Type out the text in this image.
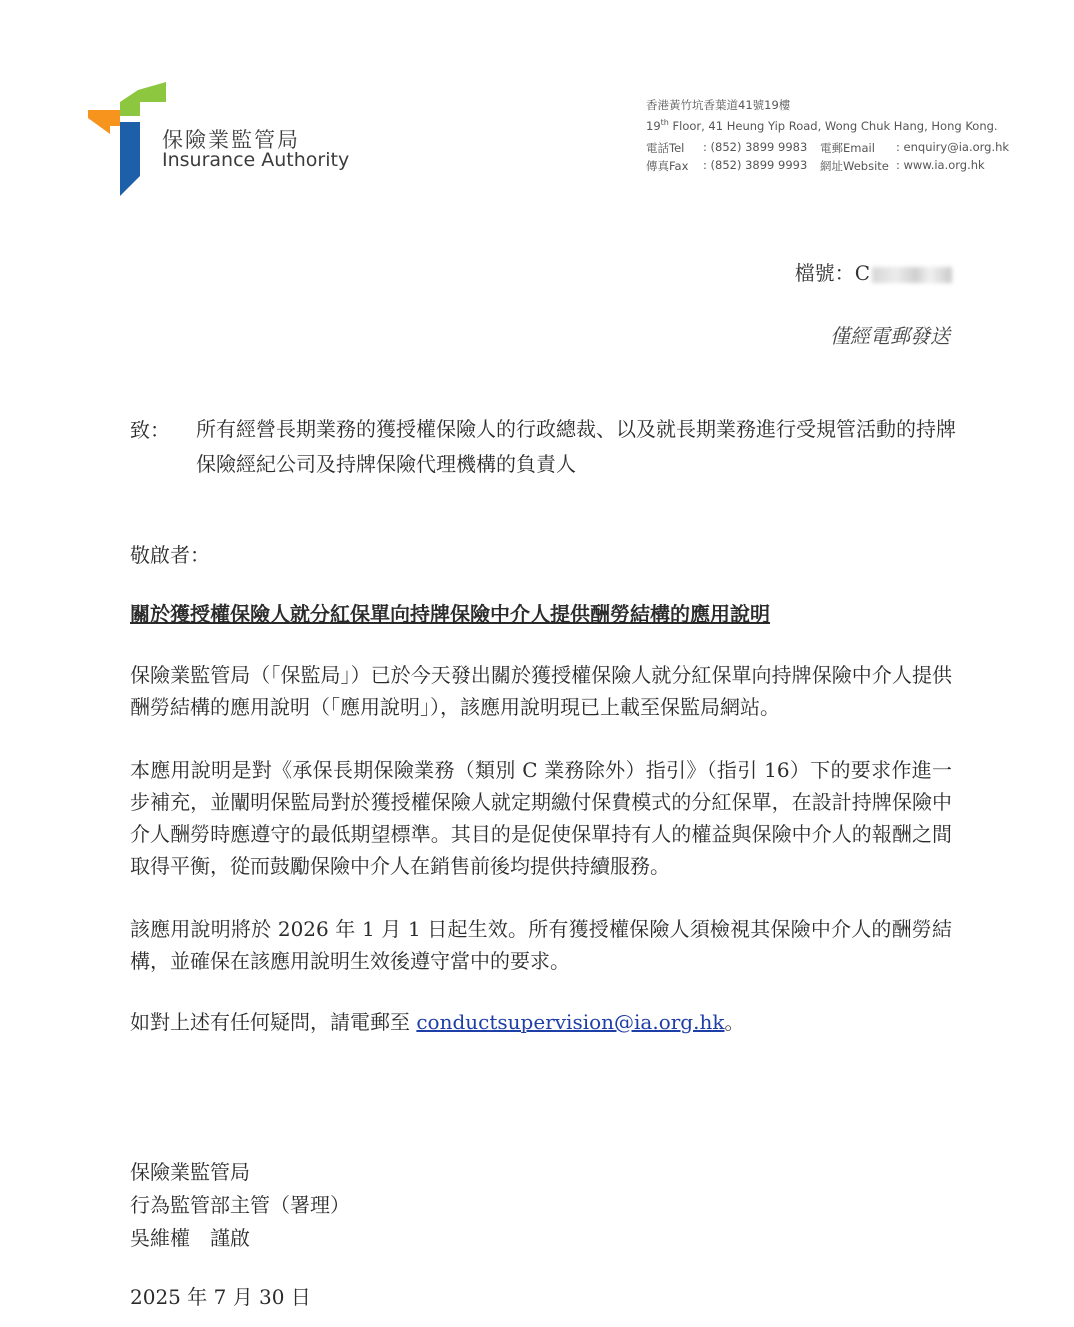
保險業監管局
Insurance Authority
香港黃竹坑香葉道41號19樓
19th Floor, 41 Heung Yip Road, Wong Chuk Hang, Hong Kong.
電話Tel : (852) 3899 9983 電郵Email : enquiry@ia.org.hk
傳真Fax : (852) 3899 9993 網址Website : www.ia.org.hk
檔號：C
僅經電郵發送
致： 所有經營長期業務的獲授權保險人的行政總裁、以及就長期業務進行受規管活動的持牌保險經紀公司及持牌保險代理機構的負責人
敬啟者：
關於獲授權保險人就分紅保單向持牌保險中介人提供酬勞結構的應用說明
保險業監管局（「保監局」）已於今天發出關於獲授權保險人就分紅保單向持牌保險中介人提供酬勞結構的應用說明（「應用說明」），該應用說明現已上載至保監局網站。
本應用說明是對《承保長期保險業務（類別 C 業務除外）指引》（指引 16）下的要求作進一步補充，並闡明保監局對於獲授權保險人就定期繳付保費模式的分紅保單，在設計持牌保險中介人酬勞時應遵守的最低期望標準。其目的是促使保單持有人的權益與保險中介人的報酬之間取得平衡，從而鼓勵保險中介人在銷售前後均提供持續服務。
該應用說明將於 2026 年 1 月 1 日起生效。所有獲授權保險人須檢視其保險中介人的酬勞結構，並確保在該應用說明生效後遵守當中的要求。
如對上述有任何疑問，請電郵至 conductsupervision@ia.org.hk。
保險業監管局
行為監管部主管（署理）
吳維權　謹啟
2025 年 7 月 30 日
